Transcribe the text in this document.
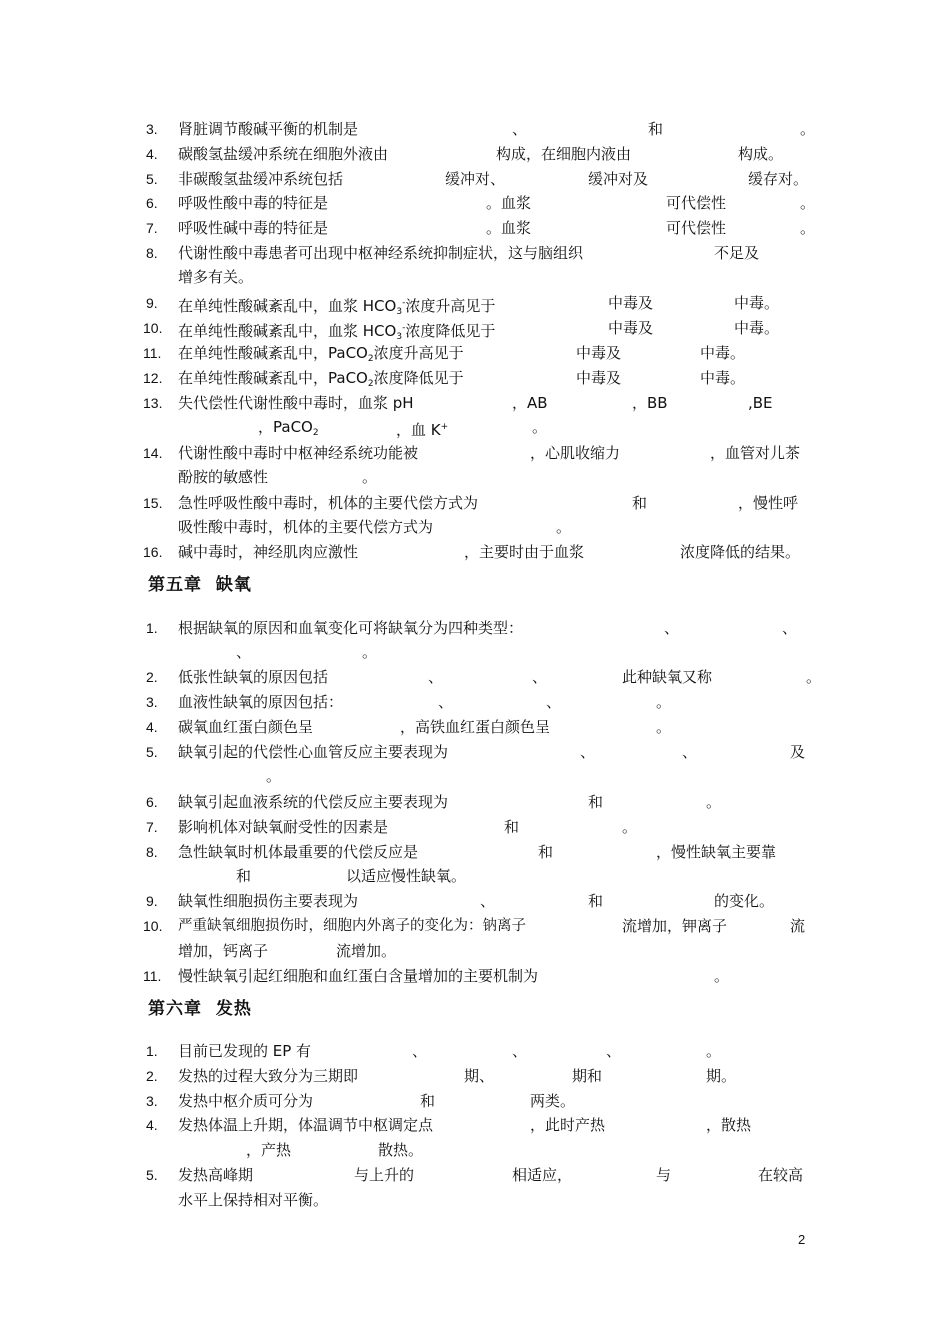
3. 肾脏调节酸碱平衡的机制是	、	和	。
4. 碳酸氢盐缓冲系统在细胞外液由	构成，在细胞内液由	构成。
5. 非碳酸氢盐缓冲系统包括	缓冲对、	缓冲对及	缓存对。
6. 呼吸性酸中毒的特征是	。血浆	可代偿性	。
7. 呼吸性碱中毒的特征是	。血浆	可代偿性	。
8. 代谢性酸中毒患者可出现中枢神经系统抑制症状，这与脑组织	不足及
增多有关。
9. 在单纯性酸碱紊乱中，血浆 $HCO_3^-$浓度升高见于	中毒及	中毒。
10. 在单纯性酸碱紊乱中，血浆 $HCO_3^-$浓度降低见于	中毒及	中毒。
11. 在单纯性酸碱紊乱中，PaCO$_2$浓度升高见于	中毒及	中毒。
12. 在单纯性酸碱紊乱中，PaCO$_2$浓度降低见于	中毒及	中毒。
13. 失代偿性代谢性酸中毒时，血浆 pH	，AB	，BB	,BE
，PaCO$_2$	，血 K+	。
14. 代谢性酸中毒时中枢神经系统功能被	，心肌收缩力	，血管对儿茶
酚胺的敏感性	。
15. 急性呼吸性酸中毒时，机体的主要代偿方式为	和	，慢性呼
吸性酸中毒时，机体的主要代偿方式为	。
16. 碱中毒时，神经肌肉应激性	，主要时由于血浆	浓度降低的结果。
第五章  缺氧
1. 根据缺氧的原因和血氧变化可将缺氧分为四种类型：	、	、
、	。
2. 低张性缺氧的原因包括	、	、	此种缺氧又称	。
3. 血液性缺氧的原因包括：	、	、	。
4. 碳氧血红蛋白颜色呈	，高铁血红蛋白颜色呈	。
5. 缺氧引起的代偿性心血管反应主要表现为	、	、	及
。
6. 缺氧引起血液系统的代偿反应主要表现为	和	。
7. 影响机体对缺氧耐受性的因素是	和	。
8. 急性缺氧时机体最重要的代偿反应是	和	，慢性缺氧主要靠
和	以适应慢性缺氧。
9. 缺氧性细胞损伤主要表现为	、	和	的变化。
10. 严重缺氧细胞损伤时，细胞内外离子的变化为：钠离子	流增加，钾离子	流
增加，钙离子	流增加。
11. 慢性缺氧引起红细胞和血红蛋白含量增加的主要机制为	。
第六章  发热
1. 目前已发现的 EP 有	、	、	、	。
2. 发热的过程大致分为三期即	期、	期和	期。
3. 发热中枢介质可分为	和	两类。
4. 发热体温上升期，体温调节中枢调定点	，此时产热	，散热
，产热	散热。
5. 发热高峰期	与上升的	相适应，	与	在较高
水平上保持相对平衡。
2
